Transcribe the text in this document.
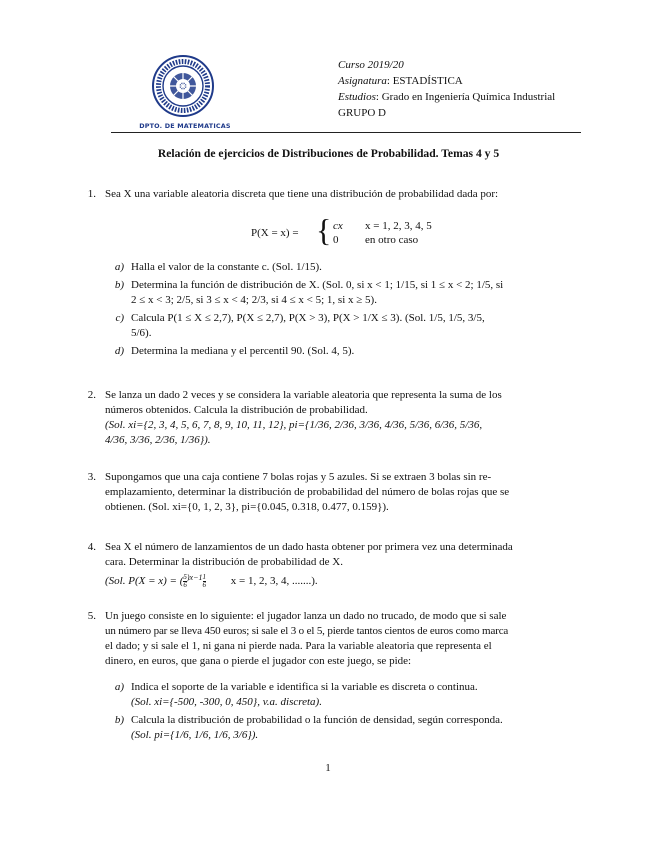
DPTO. DE MATEMATICAS
Curso 2019/20
Asignatura: ESTADÍSTICA
Estudios: Grado en Ingeniería Química Industrial
GRUPO D
Relación de ejercicios de Distribuciones de Probabilidad. Temas 4 y 5
1. Sea X una variable aleatoria discreta que tiene una distribución de probabilidad dada por:
P(X = x) = { cx x = 1, 2, 3, 4, 5
0 en otro caso
a) Halla el valor de la constante c. (Sol. 1/15).
b) Determina la función de distribución de X. (Sol. 0, si x < 1; 1/15, si 1 ≤ x < 2; 1/5, si
2 ≤ x < 3; 2/5, si 3 ≤ x < 4; 2/3, si 4 ≤ x < 5; 1, si x ≥ 5).
c) Calcula P(1 ≤ X ≤ 2,7), P(X ≤ 2,7), P(X > 3), P(X > 1/X ≤ 3). (Sol. 1/5, 1/5, 3/5,
5/6).
d) Determina la mediana y el percentil 90. (Sol. 4, 5).
2. Se lanza un dado 2 veces y se considera la variable aleatoria que representa la suma de los
números obtenidos. Calcula la distribución de probabilidad.
(Sol. xi={2, 3, 4, 5, 6, 7, 8, 9, 10, 11, 12}, pi={1/36, 2/36, 3/36, 4/36, 5/36, 6/36, 5/36,
4/36, 3/36, 2/36, 1/36}).
3. Supongamos que una caja contiene 7 bolas rojas y 5 azules. Si se extraen 3 bolas sin re-
emplazamiento, determinar la distribución de probabilidad del número de bolas rojas que se
obtienen. (Sol. xi={0, 1, 2, 3}, pi={0.045, 0.318, 0.477, 0.159}).
4. Sea X el número de lanzamientos de un dado hasta obtener por primera vez una determinada
cara. Determinar la distribución de probabilidad de X.
(Sol. P(X = x) = ( $\frac{5}{6} ^{)x-1} \frac{1}{6}$ x = 1, 2, 3, 4, .......).
5. Un juego consiste en lo siguiente: el jugador lanza un dado no trucado, de modo que si sale
un número par se lleva 450 euros; si sale el 3 o el 5, pierde tantos cientos de euros como marca
el dado; y si sale el 1, ni gana ni pierde nada. Para la variable aleatoria que representa el
dinero, en euros, que gana o pierde el jugador con este juego, se pide:
a) Indica el soporte de la variable e identifica si la variable es discreta o continua.
(Sol. xi={-500, -300, 0, 450}, v.a. discreta).
b) Calcula la distribución de probabilidad o la función de densidad, según corresponda.
(Sol. pi={1/6, 1/6, 1/6, 3/6}).
1
